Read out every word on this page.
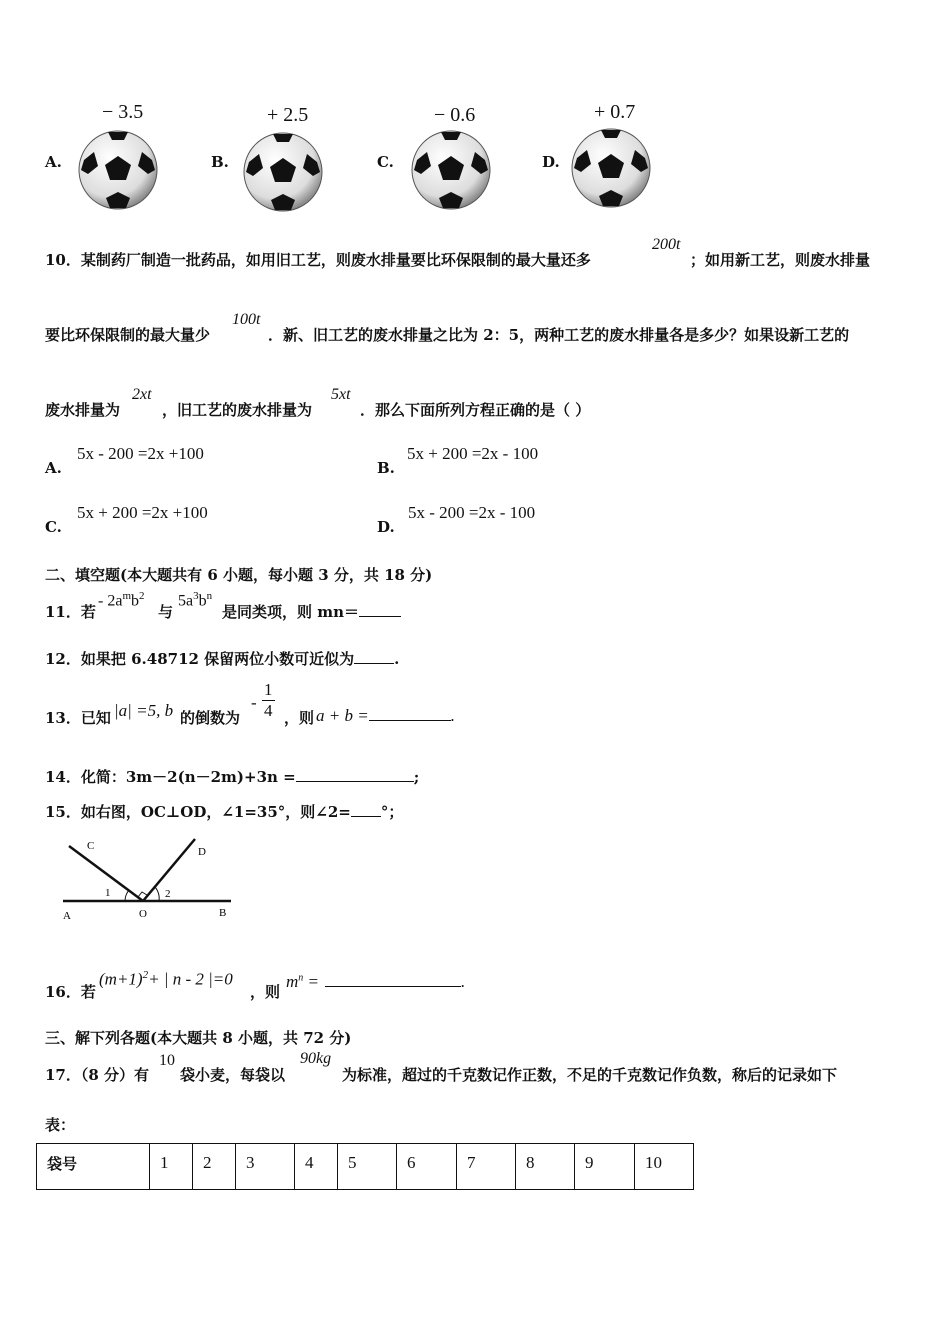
A.
− 3.5
B.
+ 2.5
C.
− 0.6
D.
+ 0.7
10．某制药厂制造一批药品，如用旧工艺，则废水排量要比环保限制的最大量还多
200t
；如用新工艺，则废水排量
要比环保限制的最大量少
100t
．新、旧工艺的废水排量之比为 2：5，两种工艺的废水排量各是多少？如果设新工艺的
废水排量为
2xt
，旧工艺的废水排量为
5xt
．那么下面所列方程正确的是（ ）
A.
5x - 200 =2x +100
B.
5x + 200 =2x - 100
C.
5x + 200 =2x +100
D.
5x - 200 =2x - 100
二、填空题(本大题共有 6 小题，每小题 3 分，共 18 分)
11．若
- $2a^mb^2$
与
$5a^3b^n$
是同类项，则 mn＝
12．如果把 6.48712 保留两位小数可近似为	.
13．已知 |a| =5, b 的倒数为
- $\frac{1}{4}$ ，则 a + b =	.
14．化简：3m－2(n－2m)+3n =	;
15．如右图，OC⊥OD，∠1=35°，则∠2= °；
C	D
1	2
A	O	B
16．若
$(m+1)^2+$ | n - 2 |=0
，则
$m^n$ =	.
三、解下列各题(本大题共 8 小题，共 72 分)
17．（8 分）有
10
袋小麦，每袋以
90kg
为标准，超过的千克数记作正数，不足的千克数记作负数，称后的记录如下
表：
袋号	1	2	3	4	5	6	7	8	9	10
